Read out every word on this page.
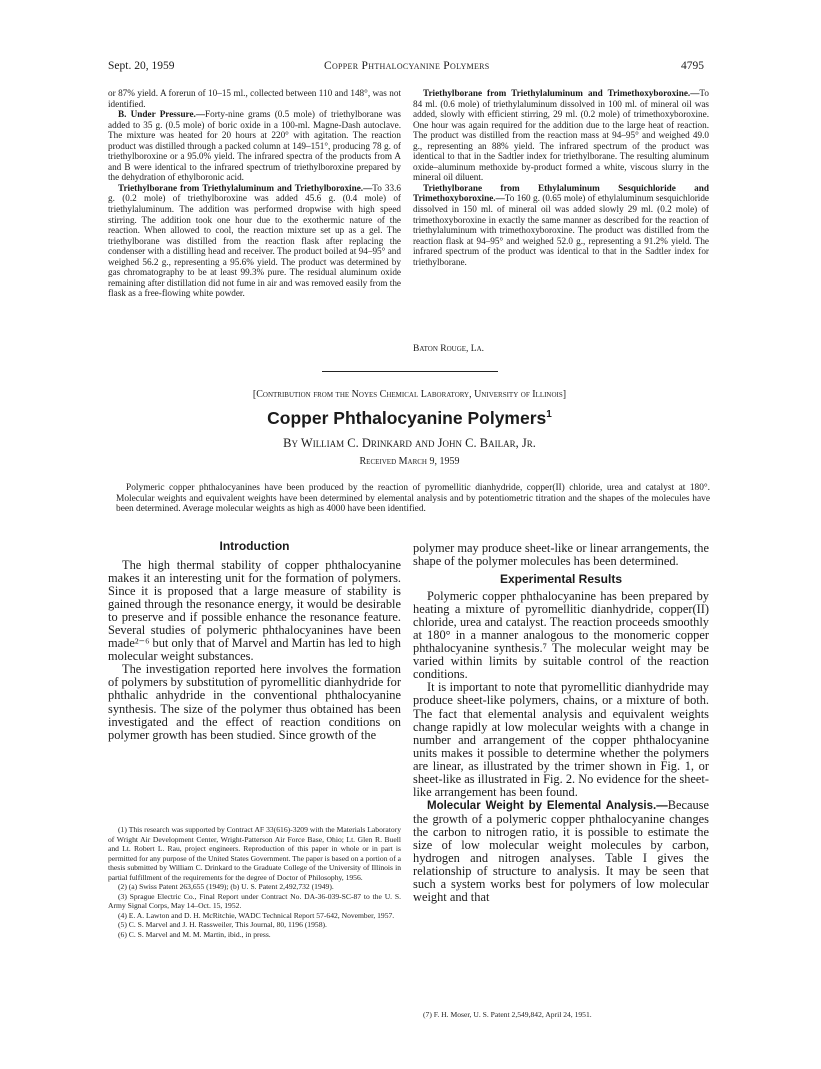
Sept. 20, 1959	Copper Phthalocyanine Polymers	4795

or 87% yield. A forerun of 10–15 ml., collected between 110 and 148°, was not identified.

B. Under Pressure.—Forty-nine grams (0.5 mole) of triethylborane was added to 35 g. (0.5 mole) of boric oxide in a 100-ml. Magne-Dash autoclave. The mixture was heated for 20 hours at 220° with agitation. The reaction product was distilled through a packed column at 149–151°, producing 78 g. of triethylboroxine or a 95.0% yield. The infrared spectra of the products from A and B were identical to the infrared spectrum of triethylboroxine prepared by the dehydration of ethylboronic acid.

Triethylborane from Triethylaluminum and Triethylboroxine.—To 33.6 g. (0.2 mole) of triethylboroxine was added 45.6 g. (0.4 mole) of triethylaluminum. The addition was performed dropwise with high speed stirring. The addition took one hour due to the exothermic nature of the reaction. When allowed to cool, the reaction mixture set up as a gel. The triethylborane was distilled from the reaction flask after replacing the condenser with a distilling head and receiver. The product boiled at 94–95° and weighed 56.2 g., representing a 95.6% yield. The product was determined by gas chromatography to be at least 99.3% pure. The residual aluminum oxide remaining after distillation did not fume in air and was removed easily from the flask as a free-flowing white powder.

Triethylborane from Triethylaluminum and Trimethoxyboroxine.—To 84 ml. (0.6 mole) of triethylaluminum dissolved in 100 ml. of mineral oil was added, slowly with efficient stirring, 29 ml. (0.2 mole) of trimethoxyboroxine. One hour was again required for the addition due to the large heat of reaction. The product was distilled from the reaction mass at 94–95° and weighed 49.0 g., representing an 88% yield. The infrared spectrum of the product was identical to that in the Sadtler index for triethylborane. The resulting aluminum oxide–aluminum methoxide by-product formed a white, viscous slurry in the mineral oil diluent.

Triethylborane from Ethylaluminum Sesquichloride and Trimethoxyboroxine.—To 160 g. (0.65 mole) of ethylaluminum sesquichloride dissolved in 150 ml. of mineral oil was added slowly 29 ml. (0.2 mole) of trimethoxyboroxine in exactly the same manner as described for the reaction of triethylaluminum with trimethoxyboroxine. The product was distilled from the reaction flask at 94–95° and weighed 52.0 g., representing a 91.2% yield. The infrared spectrum of the product was identical to that in the Sadtler index for triethylborane.

Baton Rouge, La.
[Contribution from the Noyes Chemical Laboratory, University of Illinois]
Copper Phthalocyanine Polymers$^1$
By William C. Drinkard and John C. Bailar, Jr.
Received March 9, 1959
Polymeric copper phthalocyanines have been produced by the reaction of pyromellitic dianhydride, copper(II) chloride, urea and catalyst at 180°. Molecular weights and equivalent weights have been determined by elemental analysis and by potentiometric titration and the shapes of the molecules have been determined. Average molecular weights as high as 4000 have been identified.
Introduction

The high thermal stability of copper phthalocyanine makes it an interesting unit for the formation of polymers. Since it is proposed that a large measure of stability is gained through the resonance energy, it would be desirable to preserve and if possible enhance the resonance feature. Several studies of polymeric phthalocyanines have been made²⁻⁶ but only that of Marvel and Martin has led to high molecular weight substances.

The investigation reported here involves the formation of polymers by substitution of pyromellitic dianhydride for phthalic anhydride in the conventional phthalocyanine synthesis. The size of the polymer thus obtained has been investigated and the effect of reaction conditions on polymer growth has been studied. Since growth of the

(1) This research was supported by Contract AF 33(616)-3209 with the Materials Laboratory of Wright Air Development Center, Wright-Patterson Air Force Base, Ohio; Lt. Glen R. Buell and Lt. Robert L. Rau, project engineers. Reproduction of this paper in whole or in part is permitted for any purpose of the United States Government. The paper is based on a portion of a thesis submitted by William C. Drinkard to the Graduate College of the University of Illinois in partial fulfillment of the requirements for the degree of Doctor of Philosophy, 1956.

(2) (a) Swiss Patent 263,655 (1949); (b) U. S. Patent 2,492,732 (1949).

(3) Sprague Electric Co., Final Report under Contract No. DA-36-039-SC-87 to the U. S. Army Signal Corps, May 14–Oct. 15, 1952.

(4) E. A. Lawton and D. H. McRitchie, WADC Technical Report 57-642, November, 1957.

(5) C. S. Marvel and J. H. Rassweiler, This Journal, 80, 1196 (1958).

(6) C. S. Marvel and M. M. Martin, ibid., in press.

polymer may produce sheet-like or linear arrangements, the shape of the polymer molecules has been determined.

Experimental Results

Polymeric copper phthalocyanine has been prepared by heating a mixture of pyromellitic dianhydride, copper(II) chloride, urea and catalyst. The reaction proceeds smoothly at 180° in a manner analogous to the monomeric copper phthalocyanine synthesis.⁷ The molecular weight may be varied within limits by suitable control of the reaction conditions.

It is important to note that pyromellitic dianhydride may produce sheet-like polymers, chains, or a mixture of both. The fact that elemental analysis and equivalent weights change rapidly at low molecular weights with a change in number and arrangement of the copper phthalocyanine units makes it possible to determine whether the polymers are linear, as illustrated by the trimer shown in Fig. 1, or sheet-like as illustrated in Fig. 2. No evidence for the sheet-like arrangement has been found.

Molecular Weight by Elemental Analysis.—Because the growth of a polymeric copper phthalocyanine changes the carbon to nitrogen ratio, it is possible to estimate the size of low molecular weight molecules by carbon, hydrogen and nitrogen analyses. Table I gives the relationship of structure to analysis. It may be seen that such a system works best for polymers of low molecular weight and that

(7) F. H. Moser, U. S. Patent 2,549,842, April 24, 1951.
